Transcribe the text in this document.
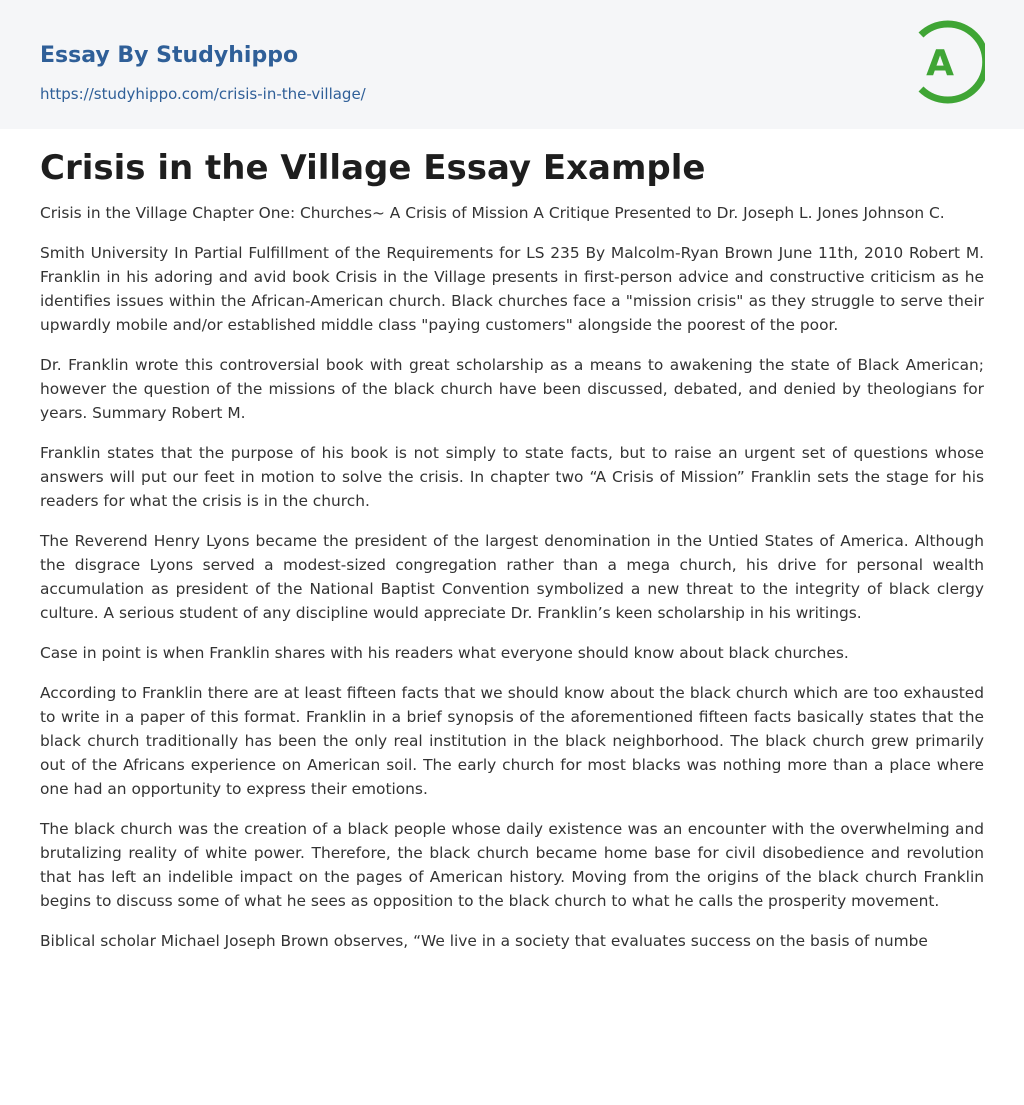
Essay By Studyhippo
https://studyhippo.com/crisis-in-the-village/
A
Crisis in the Village Essay Example

Crisis in the Village Chapter One: Churches~ A Crisis of Mission A Critique Presented to Dr. Joseph L. Jones Johnson C.

Smith University In Partial Fulfillment of the Requirements for LS 235 By Malcolm-Ryan Brown June 11th, 2010 Robert M. Franklin in his adoring and avid book Crisis in the Village presents in first-person advice and constructive criticism as he identifies issues within the African-American church. Black churches face a "mission crisis" as they struggle to serve their upwardly mobile and/or established middle class "paying customers" alongside the poorest of the poor.

Dr. Franklin wrote this controversial book with great scholarship as a means to awakening the state of Black American; however the question of the missions of the black church have been discussed, debated, and denied by theologians for years. Summary Robert M.

Franklin states that the purpose of his book is not simply to state facts, but to raise an urgent set of questions whose answers will put our feet in motion to solve the crisis. In chapter two “A Crisis of Mission” Franklin sets the stage for his readers for what the crisis is in the church.

The Reverend Henry Lyons became the president of the largest denomination in the Untied States of America. Although the disgrace Lyons served a modest-sized congregation rather than a mega church, his drive for personal wealth accumulation as president of the National Baptist Convention symbolized a new threat to the integrity of black clergy culture. A serious student of any discipline would appreciate Dr. Franklin’s keen scholarship in his writings.

Case in point is when Franklin shares with his readers what everyone should know about black churches.

According to Franklin there are at least fifteen facts that we should know about the black church which are too exhausted to write in a paper of this format. Franklin in a brief synopsis of the aforementioned fifteen facts basically states that the black church traditionally has been the only real institution in the black neighborhood. The black church grew primarily out of the Africans experience on American soil. The early church for most blacks was nothing more than a place where one had an opportunity to express their emotions.

The black church was the creation of a black people whose daily existence was an encounter with the overwhelming and brutalizing reality of white power. Therefore, the black church became home base for civil disobedience and revolution that has left an indelible impact on the pages of American history. Moving from the origins of the black church Franklin begins to discuss some of what he sees as opposition to the black church to what he calls the prosperity movement.

Biblical scholar Michael Joseph Brown observes, “We live in a society that evaluates success on the basis of numbe
